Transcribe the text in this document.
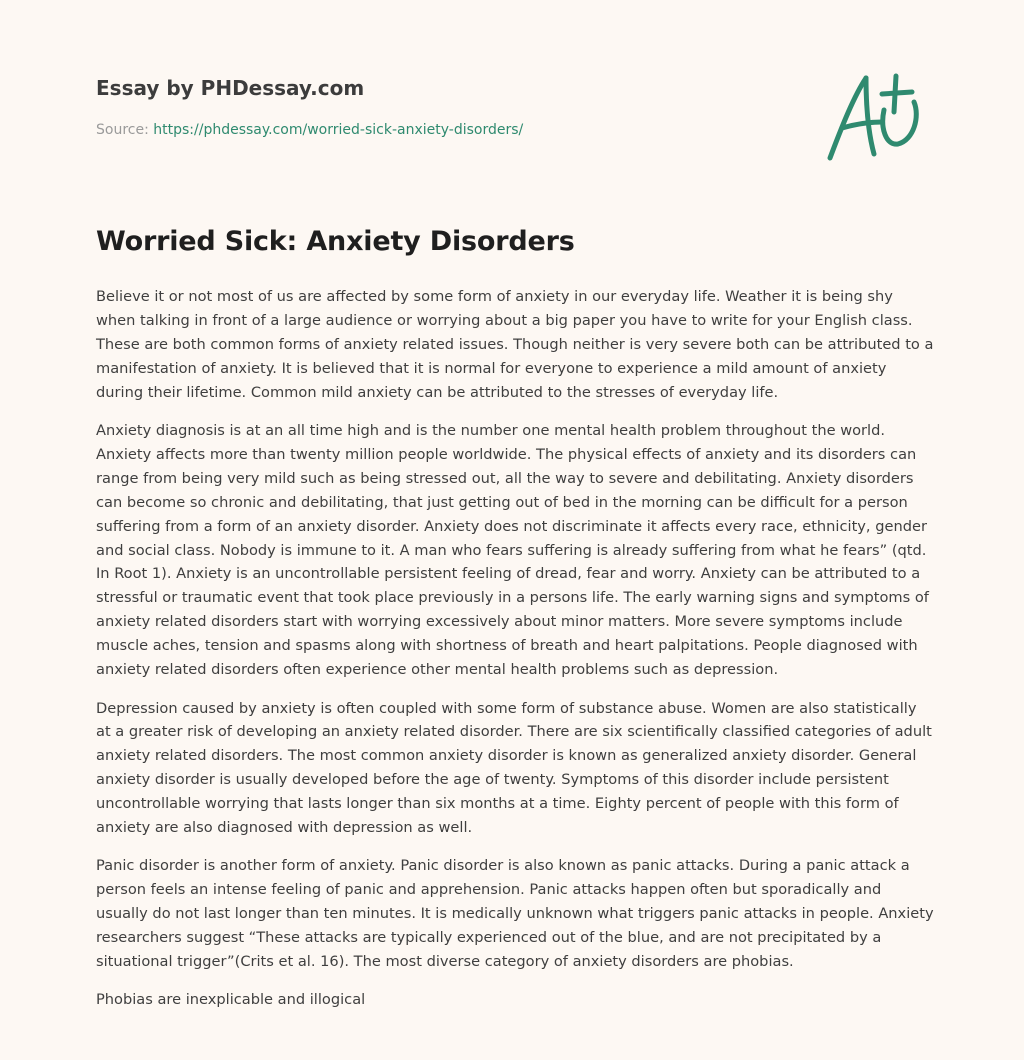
Essay by PHDessay.com
Source: https://phdessay.com/worried-sick-anxiety-disorders/
Worried Sick: Anxiety Disorders

Believe it or not most of us are affected by some form of anxiety in our everyday life. Weather it is being shy when talking in front of a large audience or worrying about a big paper you have to write for your English class. These are both common forms of anxiety related issues. Though neither is very severe both can be attributed to a manifestation of anxiety. It is believed that it is normal for everyone to experience a mild amount of anxiety during their lifetime. Common mild anxiety can be attributed to the stresses of everyday life.

Anxiety diagnosis is at an all time high and is the number one mental health problem throughout the world. Anxiety affects more than twenty million people worldwide. The physical effects of anxiety and its disorders can range from being very mild such as being stressed out, all the way to severe and debilitating. Anxiety disorders can become so chronic and debilitating, that just getting out of bed in the morning can be difficult for a person suffering from a form of an anxiety disorder. Anxiety does not discriminate it affects every race, ethnicity, gender and social class. Nobody is immune to it. A man who fears suffering is already suffering from what he fears” (qtd. In Root 1). Anxiety is an uncontrollable persistent feeling of dread, fear and worry. Anxiety can be attributed to a stressful or traumatic event that took place previously in a persons life. The early warning signs and symptoms of anxiety related disorders start with worrying excessively about minor matters. More severe symptoms include muscle aches, tension and spasms along with shortness of breath and heart palpitations. People diagnosed with anxiety related disorders often experience other mental health problems such as depression.

Depression caused by anxiety is often coupled with some form of substance abuse. Women are also statistically at a greater risk of developing an anxiety related disorder. There are six scientifically classified categories of adult anxiety related disorders. The most common anxiety disorder is known as generalized anxiety disorder. General anxiety disorder is usually developed before the age of twenty. Symptoms of this disorder include persistent uncontrollable worrying that lasts longer than six months at a time. Eighty percent of people with this form of anxiety are also diagnosed with depression as well.

Panic disorder is another form of anxiety. Panic disorder is also known as panic attacks. During a panic attack a person feels an intense feeling of panic and apprehension. Panic attacks happen often but sporadically and usually do not last longer than ten minutes. It is medically unknown what triggers panic attacks in people. Anxiety researchers suggest “These attacks are typically experienced out of the blue, and are not precipitated by a situational trigger”(Crits et al. 16). The most diverse category of anxiety disorders are phobias.

Phobias are inexplicable and illogical
